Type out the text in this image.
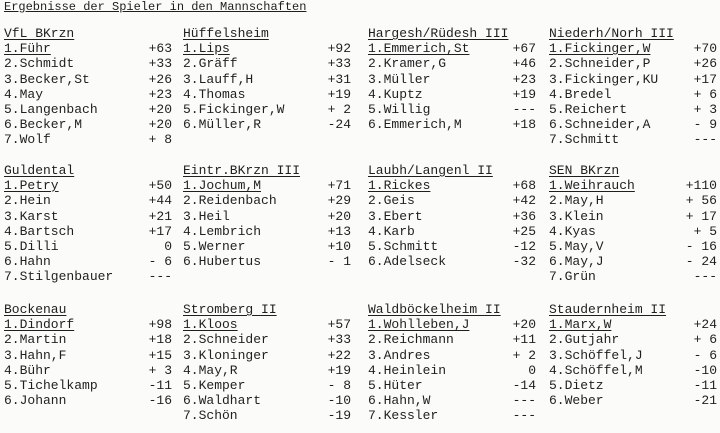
Ergebnisse der Spieler in den Mannschaften
VfL BKrzn
1.Führ	+63
2.Schmidt	+33
3.Becker,St	+26
4.May	+23
5.Langenbach	+20
6.Becker,M	+20
7.Wolf	+ 8
Hüffelsheim
1.Lips	+92
2.Gräff	+33
3.Lauff,H	+31
4.Thomas	+19
5.Fickinger,W	+ 2
6.Müller,R	-24
Hargesh/Rüdesh III
1.Emmerich,St	+67
2.Kramer,G	+46
3.Müller	+23
4.Kuptz	+19
5.Willig	---
6.Emmerich,M	+18
Niederh/Norh III
1.Fickinger,W	+70
2.Schneider,P	+26
3.Fickinger,KU	+17
4.Bredel	+ 6
5.Reichert	+ 3
6.Schneider,A	- 9
7.Schmitt	---
Guldental
1.Petry	+50
2.Hein	+44
3.Karst	+21
4.Bartsch	+17
5.Dilli	0
6.Hahn	- 6
7.Stilgenbauer	---
Eintr.BKrzn III
1.Jochum,M	+71
2.Reidenbach	+29
3.Heil	+20
4.Lembrich	+13
5.Werner	+10
6.Hubertus	- 1
Laubh/Langenl II
1.Rickes	+68
2.Geis	+42
3.Ebert	+36
4.Karb	+25
5.Schmitt	-12
6.Adelseck	-32
SEN BKrzn
1.Weihrauch	+110
2.May,H	+ 56
3.Klein	+ 17
4.Kyas	+ 5
5.May,V	- 16
6.May,J	- 24
7.Grün	---
Bockenau
1.Dindorf	+98
2.Martin	+18
3.Hahn,F	+15
4.Bühr	+ 3
5.Tichelkamp	-11
6.Johann	-16
Stromberg II
1.Kloos	+57
2.Schneider	+33
3.Kloninger	+22
4.May,R	+19
5.Kemper	- 8
6.Waldhart	-10
7.Schön	-19
Waldböckelheim II
1.Wohlleben,J	+20
2.Reichmann	+11
3.Andres	+ 2
4.Heinlein	0
5.Hüter	-14
6.Hahn,W	---
7.Kessler	---
Staudernheim II
1.Marx,W	+24
2.Gutjahr	+ 6
3.Schöffel,J	- 6
4.Schöffel,M	-10
5.Dietz	-11
6.Weber	-21
